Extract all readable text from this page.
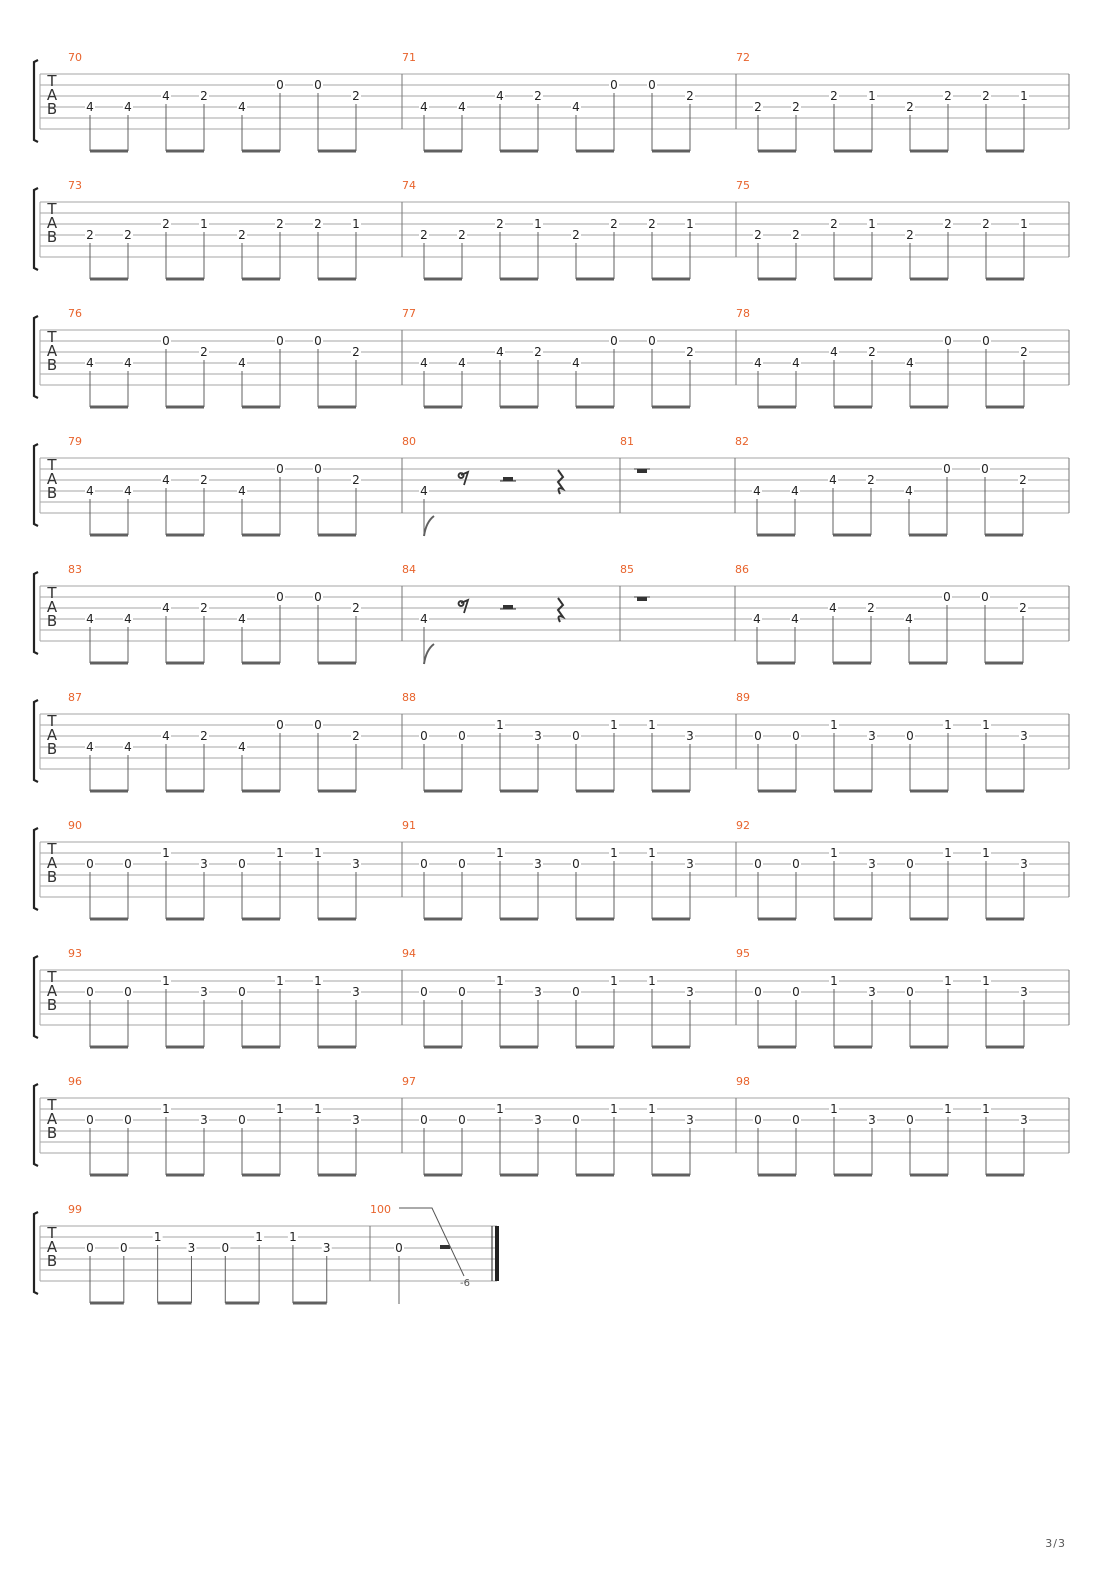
T
A
B
70
4	4
4	2
4
0	0
2
71
4	4
4	2
4
0	0
2
72
2	2
2	1
2
2	2	1
T
A
B
73
2	2
2	1
2
2	2	1
74
2	2
2	1
2
2	2	1
75
2	2
2	1
2
2	2	1
T
A
B
76
4	4
0
2
4
0	0
2
77
4	4
4	2
4
0	0
2
78
4	4
4	2
4
0	0
2
T
A
B
79
4	4
4	2
4
0	0
2
80
4
81	82
4	4
4	2
4
0	0
2
T
A
B
83
4	4
4	2
4
0	0
2
84
4
85	86
4	4
4	2
4
0	0
2
T
A
B
87
4	4
4	2
4
0	0
2
88
0	0
1
3	0
1	1
3
89
0	0
1
3	0
1	1
3
T
A
B
90
0	0
1
3	0
1	1
3
91
0	0
1
3	0
1	1
3
92
0	0
1
3	0
1	1
3
T
A
B
93
0	0
1
3	0
1	1
3
94
0	0
1
3	0
1	1
3
95
0	0
1
3	0
1	1
3
T
A
B
96
0	0
1
3	0
1	1
3
97
0	0
1
3	0
1	1
3
98
0	0
1
3	0
1	1
3
T
A
B
99
0 0
1
3 0
1 1
3
100
0
-6
3/3
